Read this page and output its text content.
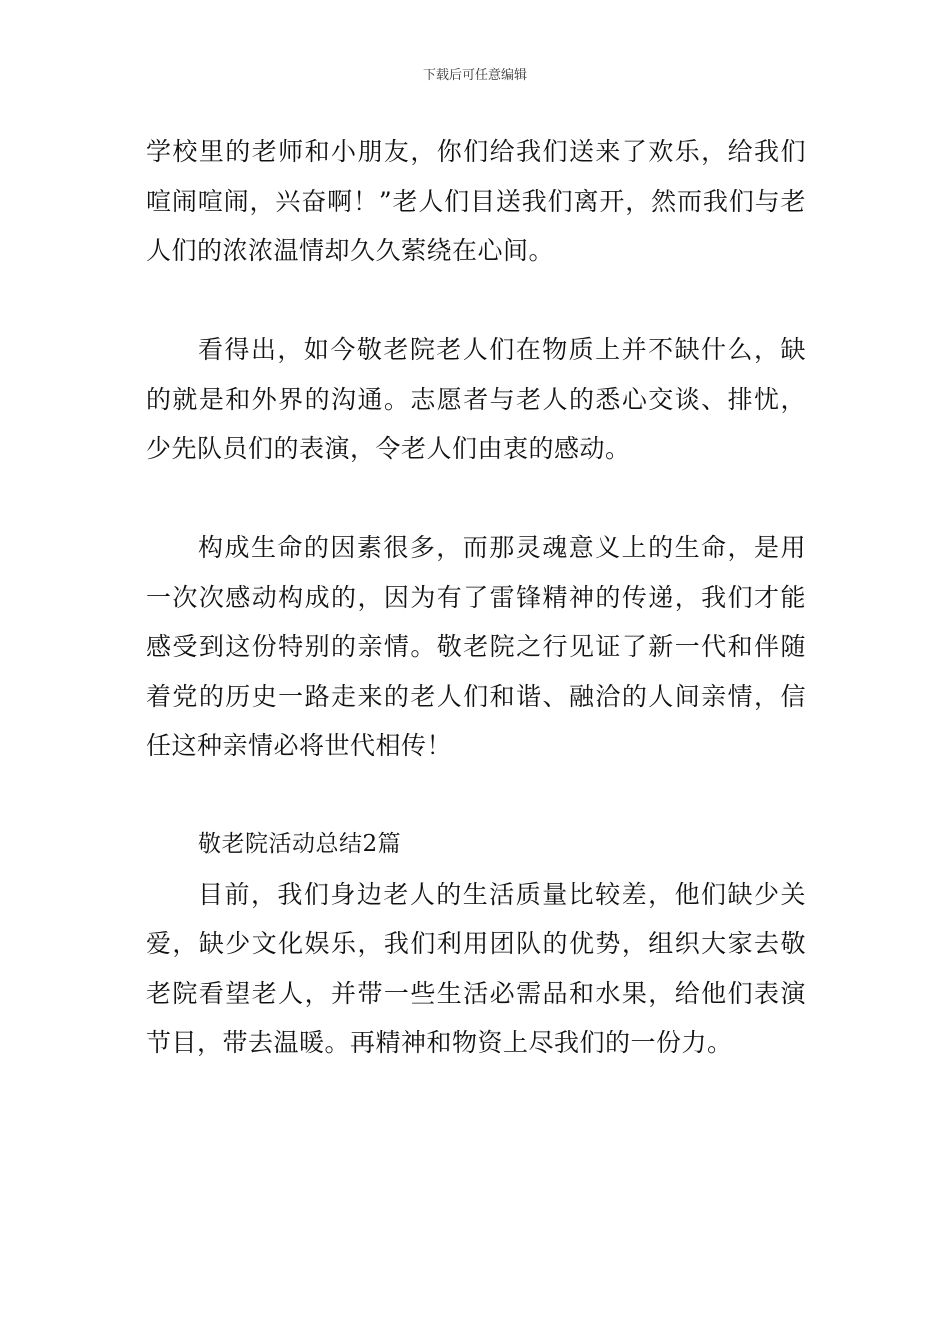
下载后可任意编辑

学校里的老师和小朋友，你们给我们送来了欢乐，给我们喧闹喧闹，兴奋啊！”老人们目送我们离开，然而我们与老人们的浓浓温情却久久萦绕在心间。

看得出，如今敬老院老人们在物质上并不缺什么，缺的就是和外界的沟通。志愿者与老人的悉心交谈、排忧，少先队员们的表演，令老人们由衷的感动。

构成生命的因素很多，而那灵魂意义上的生命，是用一次次感动构成的，因为有了雷锋精神的传递，我们才能感受到这份特别的亲情。敬老院之行见证了新一代和伴随着党的历史一路走来的老人们和谐、融洽的人间亲情，信任这种亲情必将世代相传！

敬老院活动总结2篇

目前，我们身边老人的生活质量比较差，他们缺少关爱，缺少文化娱乐，我们利用团队的优势，组织大家去敬老院看望老人，并带一些生活必需品和水果，给他们表演节目，带去温暖。再精神和物资上尽我们的一份力。
